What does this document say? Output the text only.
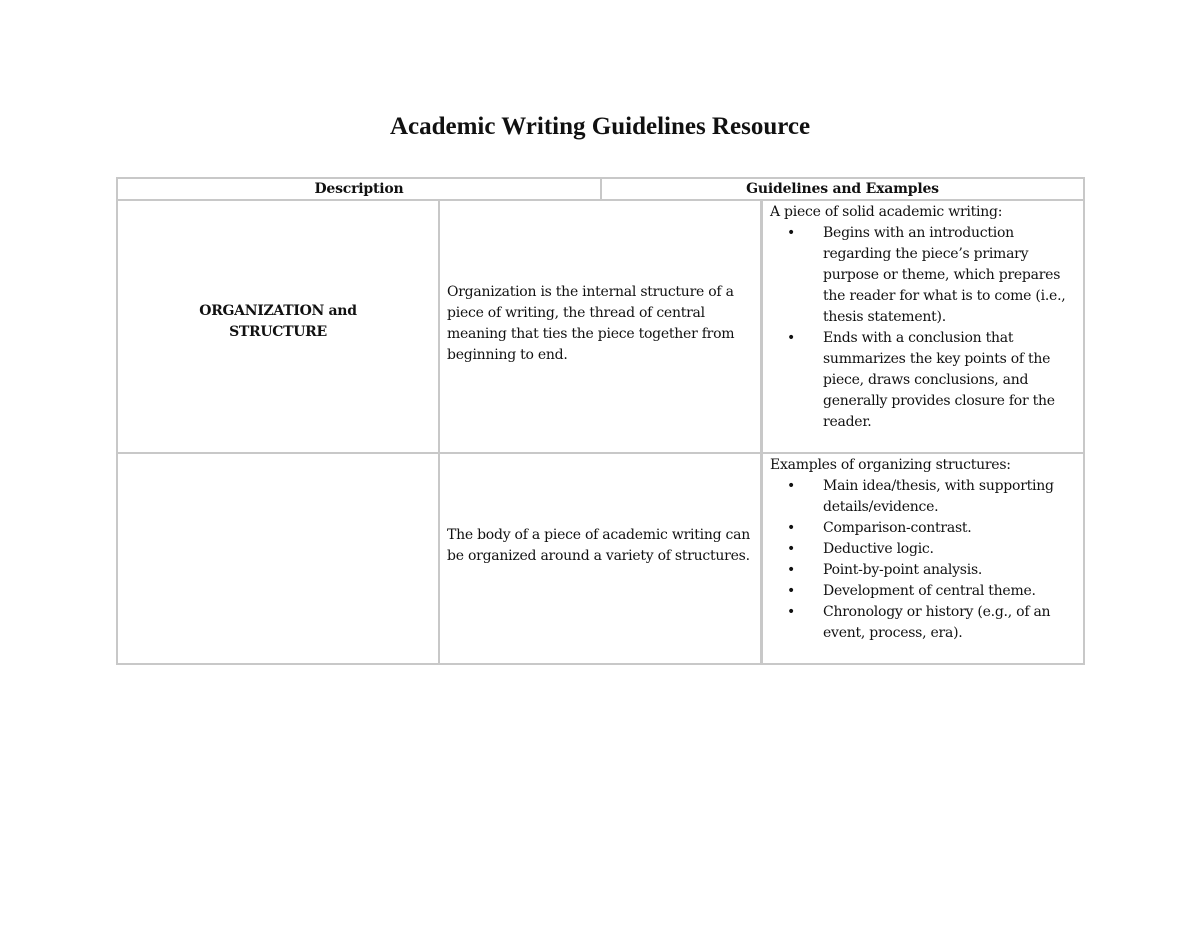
Academic Writing Guidelines Resource
Description	Guidelines and Examples
ORGANIZATION and
STRUCTURE

Organization is the internal structure of a piece of writing, the thread of central meaning that ties the piece together from beginning to end.

A piece of solid academic writing:

• Begins with an introduction regarding the piece’s primary purpose or theme, which prepares the reader for what is to come (i.e., thesis statement).
• Ends with a conclusion that summarizes the key points of the piece, draws conclusions, and generally provides closure for the reader.

The body of a piece of academic writing can be organized around a variety of structures.

Examples of organizing structures:

• Main idea/thesis, with supporting details/evidence.
• Comparison-contrast.
• Deductive logic.
• Point-by-point analysis.
• Development of central theme.
• Chronology or history (e.g., of an event, process, era).
